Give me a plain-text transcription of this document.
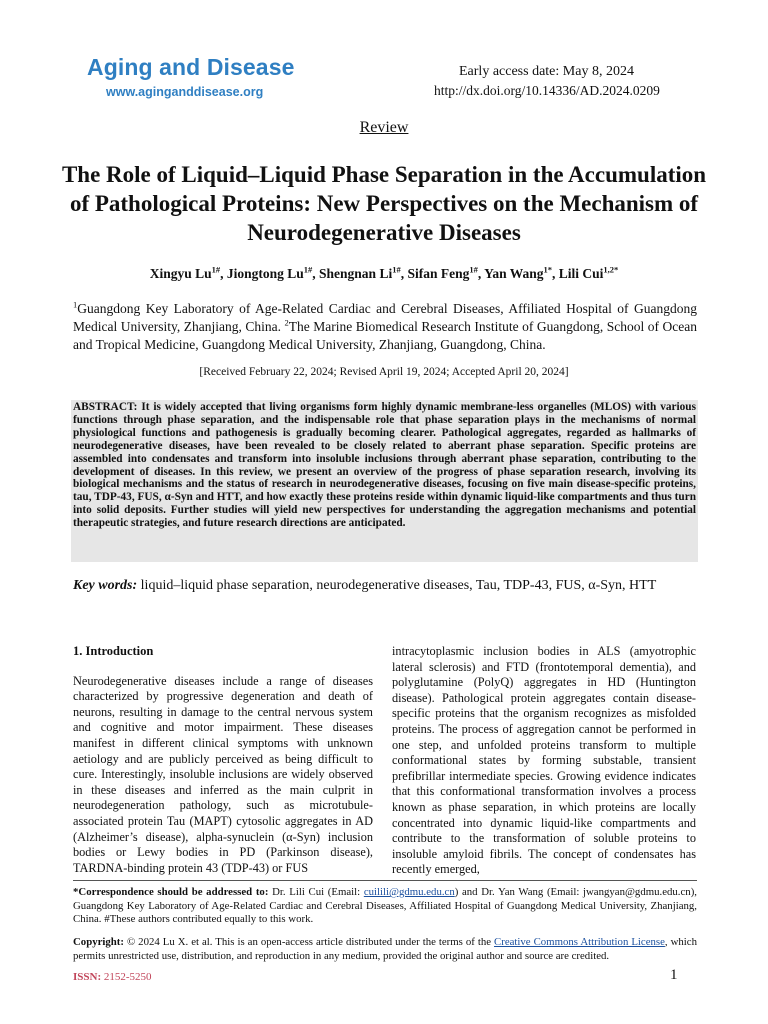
Aging and Disease
www.aginganddisease.org
Early access date: May 8, 2024
http://dx.doi.org/10.14336/AD.2024.0209
Review
The Role of Liquid–Liquid Phase Separation in the Accumulation of Pathological Proteins: New Perspectives on the Mechanism of Neurodegenerative Diseases
Xingyu $Lu^{1\#}$, Jiongtong $Lu^{1\#}$, Shengnan $Li^{1\#}$, Sifan Feng$^{1\#}$, Yan Wang$^{1*}$, Lili Cui$^{1,2*}$
$^1$Guangdong Key Laboratory of Age-Related Cardiac and Cerebral Diseases, Affiliated Hospital of Guangdong Medical University, Zhanjiang, China. $^2$The Marine Biomedical Research Institute of Guangdong, School of Ocean and Tropical Medicine, Guangdong Medical University, Zhanjiang, Guangdong, China.
[Received February 22, 2024; Revised April 19, 2024; Accepted April 20, 2024]
ABSTRACT: It is widely accepted that living organisms form highly dynamic membrane-less organelles (MLOS) with various functions through phase separation, and the indispensable role that phase separation plays in the mechanisms of normal physiological functions and pathogenesis is gradually becoming clearer. Pathological aggregates, regarded as hallmarks of neurodegenerative diseases, have been revealed to be closely related to aberrant phase separation. Specific proteins are assembled into condensates and transform into insoluble inclusions through aberrant phase separation, contributing to the development of diseases. In this review, we present an overview of the progress of phase separation research, involving its biological mechanisms and the status of research in neurodegenerative diseases, focusing on five main disease-specific proteins, tau, TDP-43, FUS, α-Syn and HTT, and how exactly these proteins reside within dynamic liquid-like compartments and thus turn into solid deposits. Further studies will yield new perspectives for understanding the aggregation mechanisms and potential therapeutic strategies, and future research directions are anticipated.
Key words: liquid–liquid phase separation, neurodegenerative diseases, Tau, TDP-43, FUS, α-Syn, HTT
1. Introduction

Neurodegenerative diseases include a range of diseases characterized by progressive degeneration and death of neurons, resulting in damage to the central nervous system and cognitive and motor impairment. These diseases manifest in different clinical symptoms with unknown aetiology and are publicly perceived as being difficult to cure. Interestingly, insoluble inclusions are widely observed in these diseases and inferred as the main culprit in neurodegeneration pathology, such as microtubule-associated protein Tau (MAPT) cytosolic aggregates in AD (Alzheimer’s disease), alpha-synuclein (α-Syn) inclusion bodies or Lewy bodies in PD (Parkinson disease), TARDNA-binding protein 43 (TDP-43) or FUS

intracytoplasmic inclusion bodies in ALS (amyotrophic lateral sclerosis) and FTD (frontotemporal dementia), and polyglutamine (PolyQ) aggregates in HD (Huntington disease). Pathological protein aggregates contain disease-specific proteins that the organism recognizes as misfolded proteins. The process of aggregation cannot be performed in one step, and unfolded proteins transform to multiple conformational states by forming substable, transient prefibrillar intermediate species. Growing evidence indicates that this conformational transformation involves a process known as phase separation, in which proteins are locally concentrated into dynamic liquid-like compartments and contribute to the transformation of soluble proteins to insoluble amyloid fibrils. The concept of condensates has recently emerged,

*Correspondence should be addressed to: Dr. Lili Cui (Email: cuilili@gdmu.edu.cn) and Dr. Yan Wang (Email: jwangyan@gdmu.edu.cn), Guangdong Key Laboratory of Age-Related Cardiac and Cerebral Diseases, Affiliated Hospital of Guangdong Medical University, Zhanjiang, China. #These authors contributed equally to this work.
Copyright: © 2024 Lu X. et al. This is an open-access article distributed under the terms of the Creative Commons Attribution License, which permits unrestricted use, distribution, and reproduction in any medium, provided the original author and source are credited.
ISSN: 2152-5250	1
